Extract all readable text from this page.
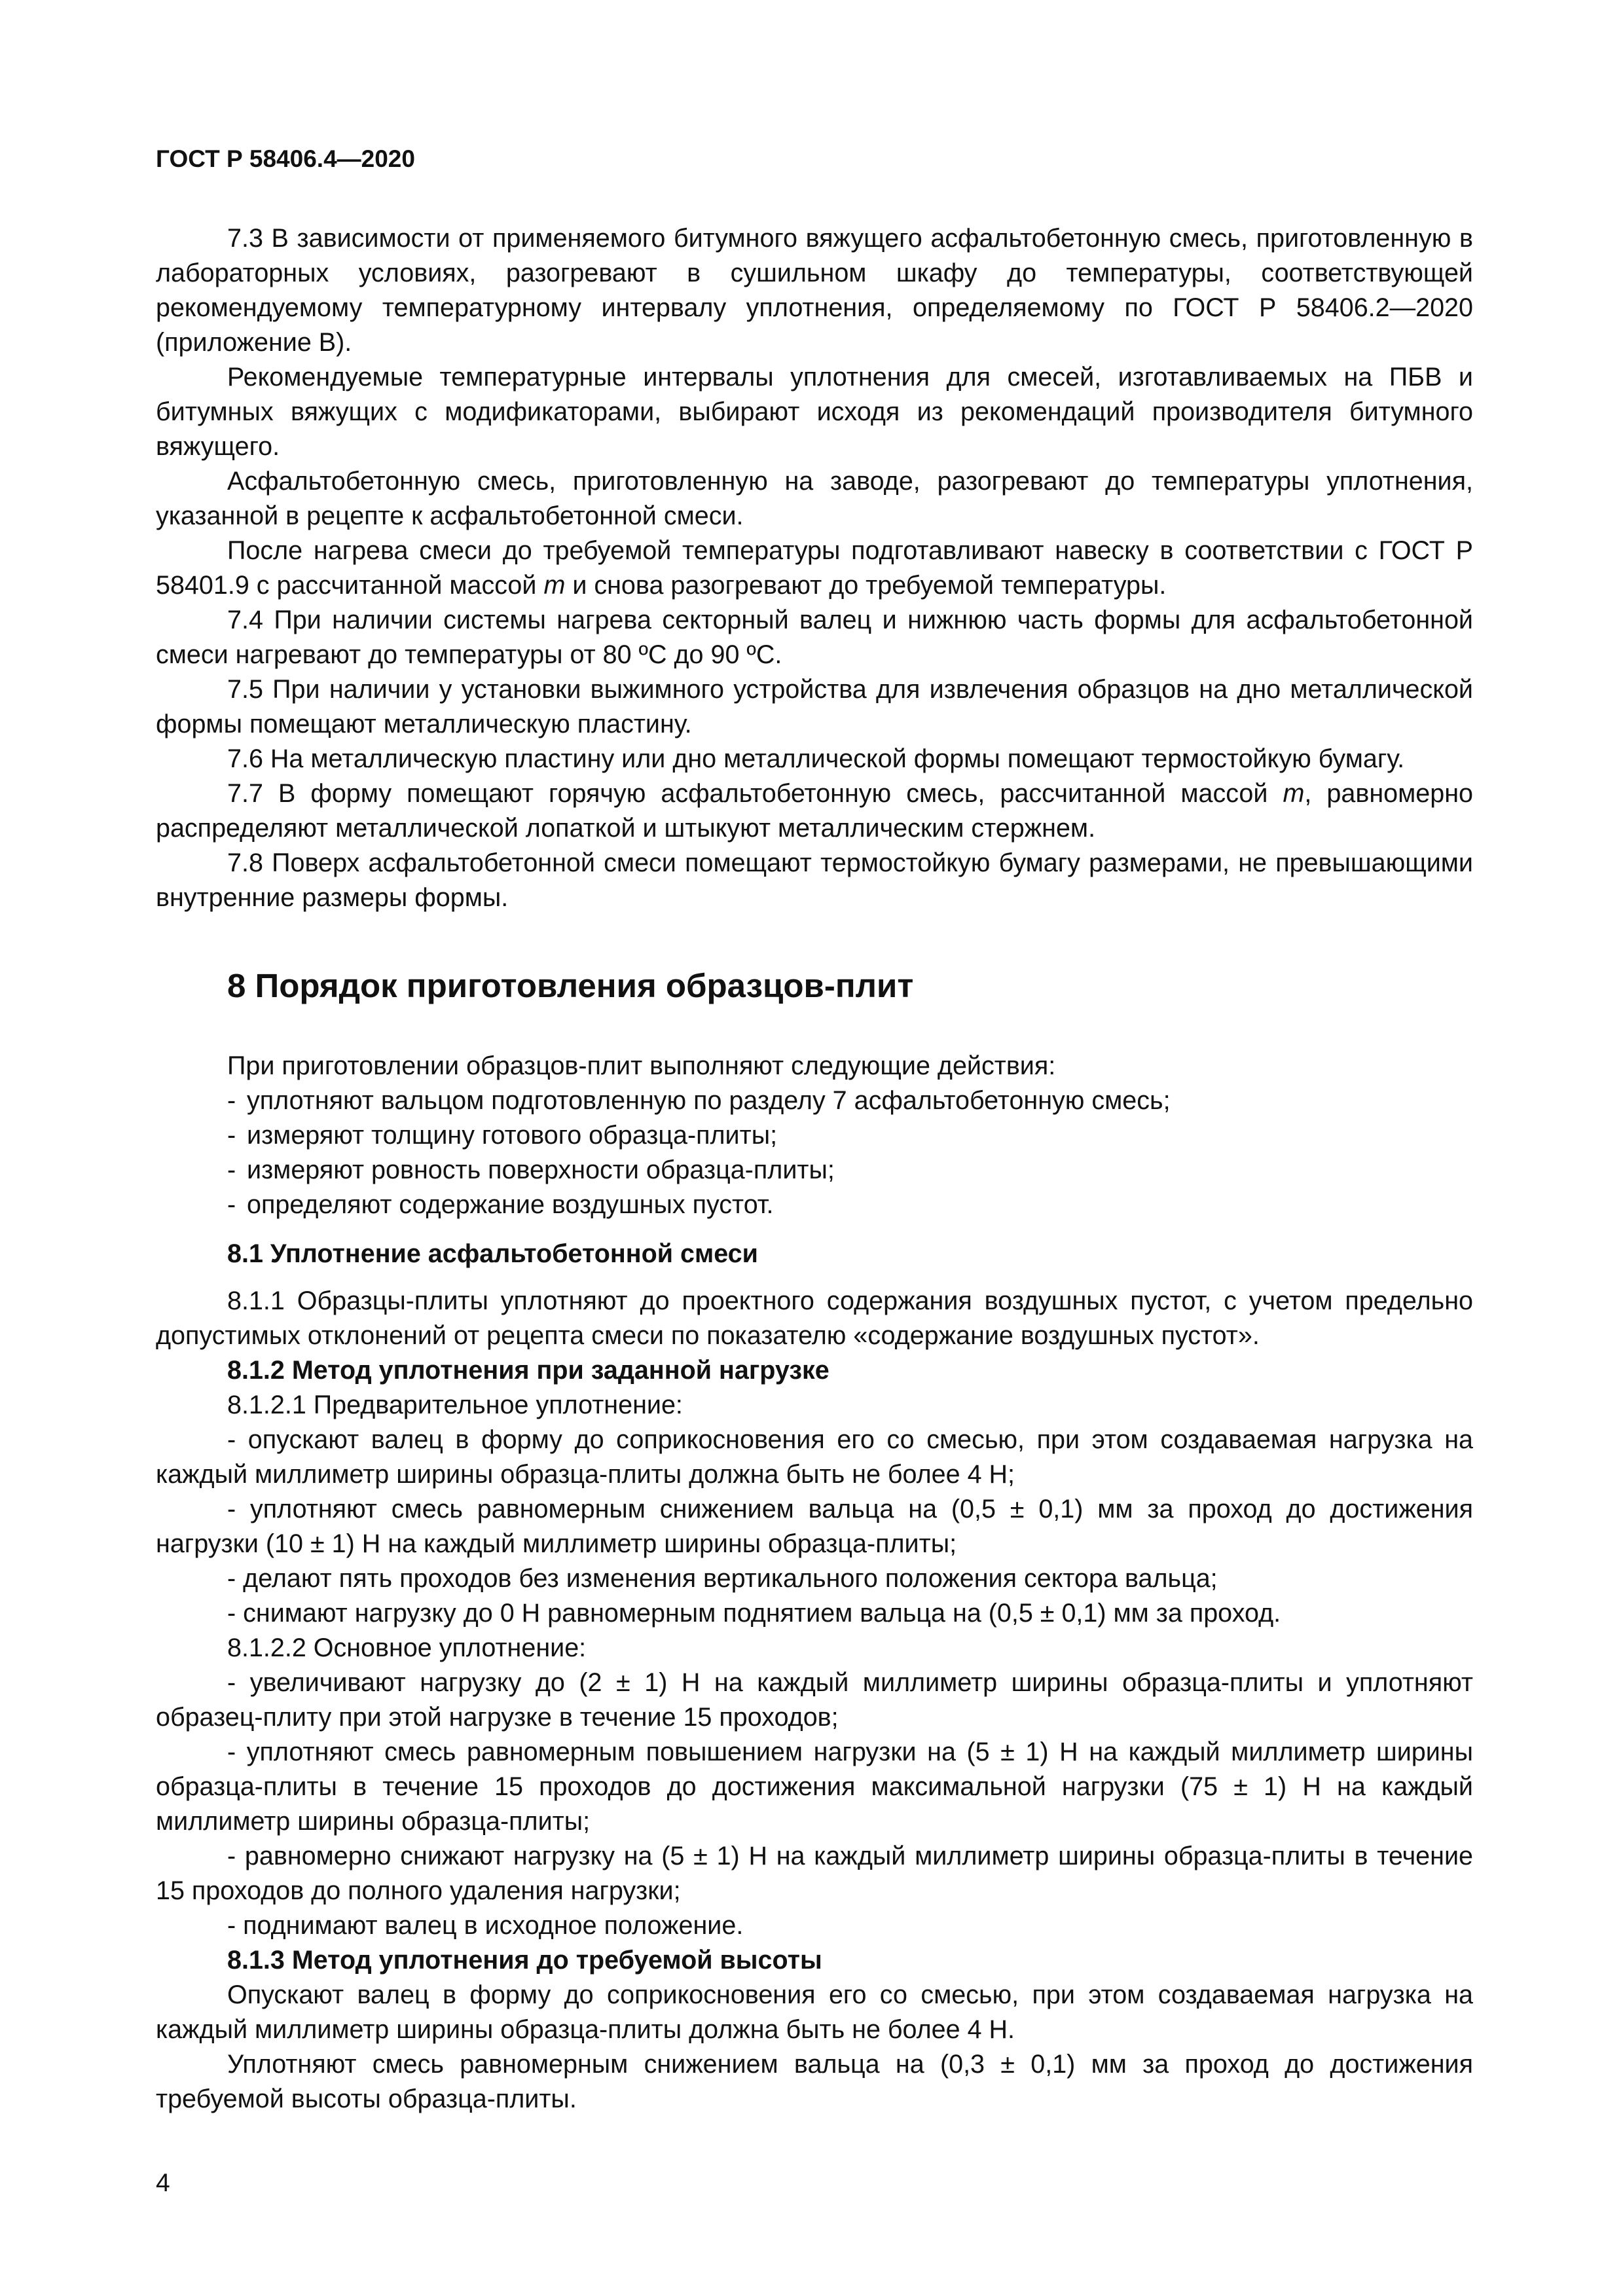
ГОСТ Р 58406.4—2020

7.3 В зависимости от применяемого битумного вяжущего асфальтобетонную смесь, приготовленную в лабораторных условиях, разогревают в сушильном шкафу до температуры, соответствующей рекомендуемому температурному интервалу уплотнения, определяемому по ГОСТ Р 58406.2—2020 (приложение В).

Рекомендуемые температурные интервалы уплотнения для смесей, изготавливаемых на ПБВ и битумных вяжущих с модификаторами, выбирают исходя из рекомендаций производителя битумного вяжущего.

Асфальтобетонную смесь, приготовленную на заводе, разогревают до температуры уплотнения, указанной в рецепте к асфальтобетонной смеси.

После нагрева смеси до требуемой температуры подготавливают навеску в соответствии с ГОСТ Р 58401.9 с рассчитанной массой m и снова разогревают до требуемой температуры.

7.4 При наличии системы нагрева секторный валец и нижнюю часть формы для асфальтобетонной смеси нагревают до температуры от 80 ºС до 90 ºС.

7.5 При наличии у установки выжимного устройства для извлечения образцов на дно металлической формы помещают металлическую пластину.

7.6 На металлическую пластину или дно металлической формы помещают термостойкую бумагу.

7.7 В форму помещают горячую асфальтобетонную смесь, рассчитанной массой m, равномерно распределяют металлической лопаткой и штыкуют металлическим стержнем.

7.8 Поверх асфальтобетонной смеси помещают термостойкую бумагу размерами, не превышающими внутренние размеры формы.

8 Порядок приготовления образцов-плит

При приготовлении образцов-плит выполняют следующие действия:

- уплотняют вальцом подготовленную по разделу 7 асфальтобетонную смесь;
- измеряют толщину готового образца-плиты;
- измеряют ровность поверхности образца-плиты;
- определяют содержание воздушных пустот.
8.1 Уплотнение асфальтобетонной смеси

8.1.1 Образцы-плиты уплотняют до проектного содержания воздушных пустот, с учетом предельно допустимых отклонений от рецепта смеси по показателю «содержание воздушных пустот».

8.1.2 Метод уплотнения при заданной нагрузке

8.1.2.1 Предварительное уплотнение:

- опускают валец в форму до соприкосновения его со смесью, при этом создаваемая нагрузка на каждый миллиметр ширины образца-плиты должна быть не более 4 Н;

- уплотняют смесь равномерным снижением вальца на (0,5 ± 0,1) мм за проход до достижения нагрузки (10 ± 1) Н на каждый миллиметр ширины образца-плиты;

- делают пять проходов без изменения вертикального положения сектора вальца;

- снимают нагрузку до 0 Н равномерным поднятием вальца на (0,5 ± 0,1) мм за проход.

8.1.2.2 Основное уплотнение:

- увеличивают нагрузку до (2 ± 1) Н на каждый миллиметр ширины образца-плиты и уплотняют образец-плиту при этой нагрузке в течение 15 проходов;

- уплотняют смесь равномерным повышением нагрузки на (5 ± 1) Н на каждый миллиметр ширины образца-плиты в течение 15 проходов до достижения максимальной нагрузки (75 ± 1) Н на каждый миллиметр ширины образца-плиты;

- равномерно снижают нагрузку на (5 ± 1) Н на каждый миллиметр ширины образца-плиты в течение 15 проходов до полного удаления нагрузки;

- поднимают валец в исходное положение.

8.1.3 Метод уплотнения до требуемой высоты

Опускают валец в форму до соприкосновения его со смесью, при этом создаваемая нагрузка на каждый миллиметр ширины образца-плиты должна быть не более 4 Н.

Уплотняют смесь равномерным снижением вальца на (0,3 ± 0,1) мм за проход до достижения требуемой высоты образца-плиты.

4
